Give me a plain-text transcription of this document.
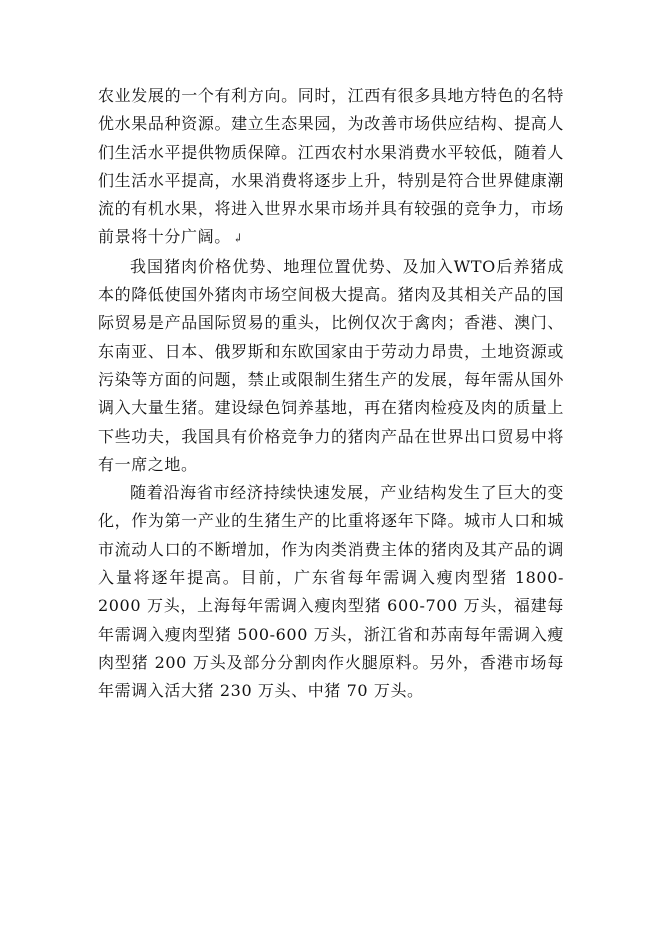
农业发展的一个有利方向。同时，江西有很多具地方特色的名特优水果品种资源。建立生态果园，为改善市场供应结构、提高人们生活水平提供物质保障。江西农村水果消费水平较低，随着人们生活水平提高，水果消费将逐步上升，特别是符合世界健康潮流的有机水果，将进入世界水果市场并具有较强的竞争力，市场前景将十分广阔。 ↲

我国猪肉价格优势、地理位置优势、及加入WTO后养猪成本的降低使国外猪肉市场空间极大提高。猪肉及其相关产品的国际贸易是产品国际贸易的重头，比例仅次于禽肉；香港、澳门、东南亚、日本、俄罗斯和东欧国家由于劳动力昂贵，土地资源或污染等方面的问题，禁止或限制生猪生产的发展，每年需从国外调入大量生猪。建设绿色饲养基地，再在猪肉检疫及肉的质量上下些功夫，我国具有价格竞争力的猪肉产品在世界出口贸易中将有一席之地。

随着沿海省市经济持续快速发展，产业结构发生了巨大的变化，作为第一产业的生猪生产的比重将逐年下降。城市人口和城市流动人口的不断增加，作为肉类消费主体的猪肉及其产品的调入量将逐年提高。目前，广东省每年需调入瘦肉型猪 1800-2000 万头，上海每年需调入瘦肉型猪 600-700 万头，福建每年需调入瘦肉型猪 500-600 万头，浙江省和苏南每年需调入瘦肉型猪 200 万头及部分分割肉作火腿原料。另外，香港市场每年需调入活大猪 230 万头、中猪 70 万头。
